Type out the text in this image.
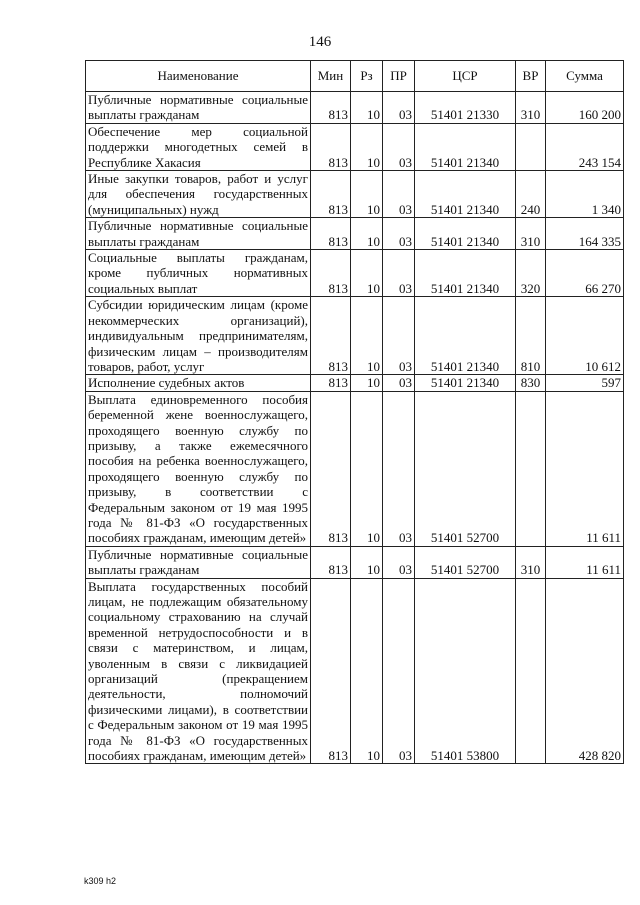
146
Наименование	Мин	Рз	ПР	ЦСР	ВР	Сумма
Публичные нормативные социальные выплаты гражданам	813	10	03	51401 21330	310	160 200
Обеспечение мер социальной поддержки многодетных семей в Республике Хакасия	813	10	03	51401 21340		243 154
Иные закупки товаров, работ и услуг для обеспечения государственных (муниципальных) нужд	813	10	03	51401 21340	240	1 340
Публичные нормативные социальные выплаты гражданам	813	10	03	51401 21340	310	164 335
Социальные выплаты гражданам, кроме публичных нормативных социальных выплат	813	10	03	51401 21340	320	66 270
Субсидии юридическим лицам (кроме некоммерческих организаций), индивидуальным предпринимателям, физическим лицам – производителям товаров, работ, услуг	813	10	03	51401 21340	810	10 612
Исполнение судебных актов	813	10	03	51401 21340	830	597
Выплата единовременного пособия беременной жене военнослужащего, проходящего военную службу по призыву, а также ежемесячного пособия на ребенка военнослужащего, проходящего военную службу по призыву, в соответствии с Федеральным законом от 19 мая 1995 года № 81-ФЗ «О государственных пособиях гражданам, имеющим детей»	813	10	03	51401 52700		11 611
Публичные нормативные социальные выплаты гражданам	813	10	03	51401 52700	310	11 611
Выплата государственных пособий лицам, не подлежащим обязательному социальному страхованию на случай временной нетрудоспособности и в связи с материнством, и лицам, уволенным в связи с ликвидацией организаций (прекращением деятельности, полномочий физическими лицами), в соответствии с Федеральным законом от 19 мая 1995 года № 81-ФЗ «О государственных пособиях гражданам, имеющим детей»	813	10	03	51401 53800		428 820
k309 h2
